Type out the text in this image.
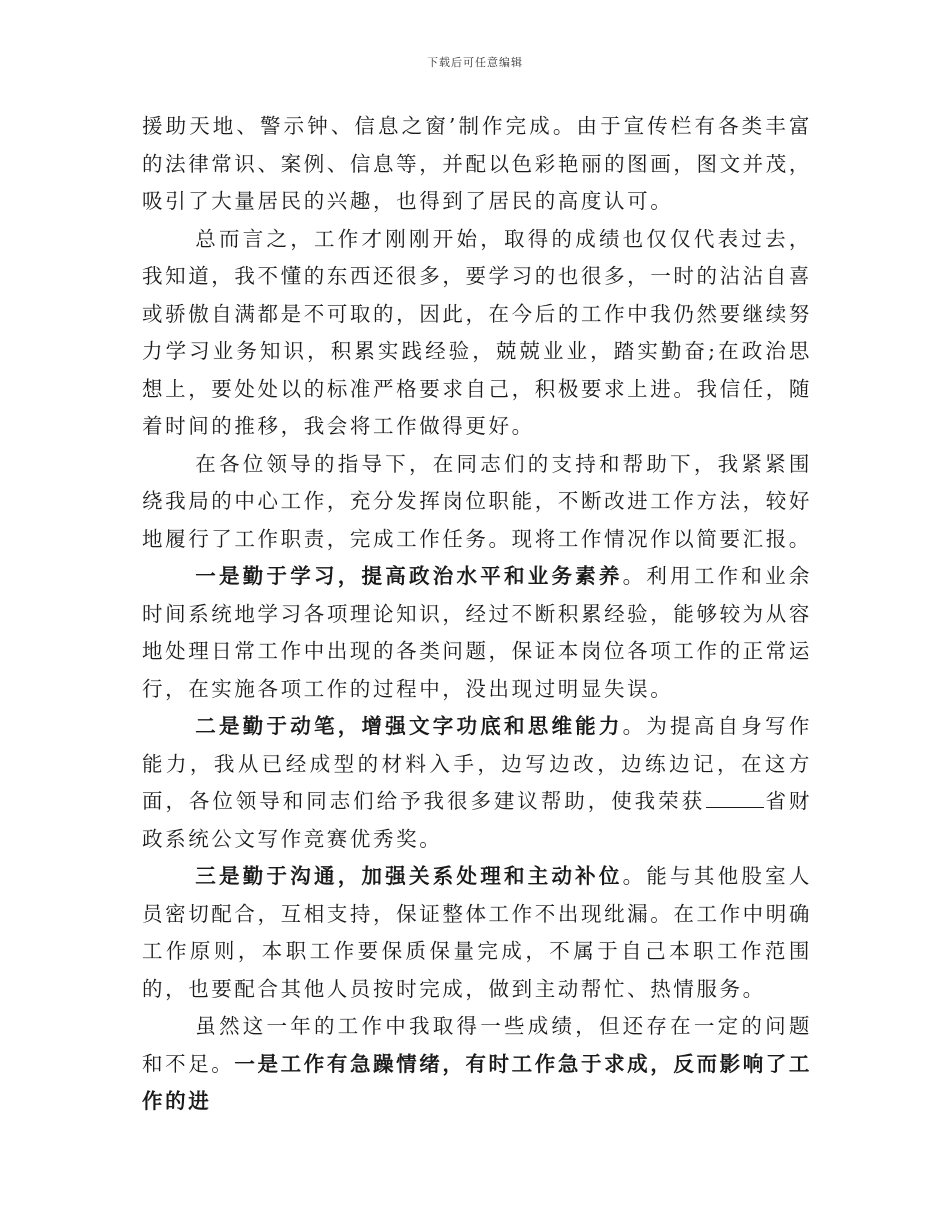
下载后可任意编辑

援助天地、警示钟、信息之窗’制作完成。由于宣传栏有各类丰富的法律常识、案例、信息等，并配以色彩艳丽的图画，图文并茂，吸引了大量居民的兴趣，也得到了居民的高度认可。

总而言之，工作才刚刚开始，取得的成绩也仅仅代表过去，我知道，我不懂的东西还很多，要学习的也很多，一时的沾沾自喜或骄傲自满都是不可取的，因此，在今后的工作中我仍然要继续努力学习业务知识，积累实践经验，兢兢业业，踏实勤奋;在政治思想上，要处处以的标准严格要求自己，积极要求上进。我信任，随着时间的推移，我会将工作做得更好。

在各位领导的指导下，在同志们的支持和帮助下，我紧紧围绕我局的中心工作，充分发挥岗位职能，不断改进工作方法，较好地履行了工作职责，完成工作任务。现将工作情况作以简要汇报。

一是勤于学习，提高政治水平和业务素养。利用工作和业余时间系统地学习各项理论知识，经过不断积累经验，能够较为从容地处理日常工作中出现的各类问题，保证本岗位各项工作的正常运行，在实施各项工作的过程中，没出现过明显失误。

二是勤于动笔，增强文字功底和思维能力。为提高自身写作能力，我从已经成型的材料入手，边写边改，边练边记，在这方面，各位领导和同志们给予我很多建议帮助，使我荣获	省财政系统公文写作竞赛优秀奖。

三是勤于沟通，加强关系处理和主动补位。能与其他股室人员密切配合，互相支持，保证整体工作不出现纰漏。在工作中明确工作原则，本职工作要保质保量完成，不属于自己本职工作范围的，也要配合其他人员按时完成，做到主动帮忙、热情服务。

虽然这一年的工作中我取得一些成绩，但还存在一定的问题和不足。一是工作有急躁情绪，有时工作急于求成，反而影响了工作的进
